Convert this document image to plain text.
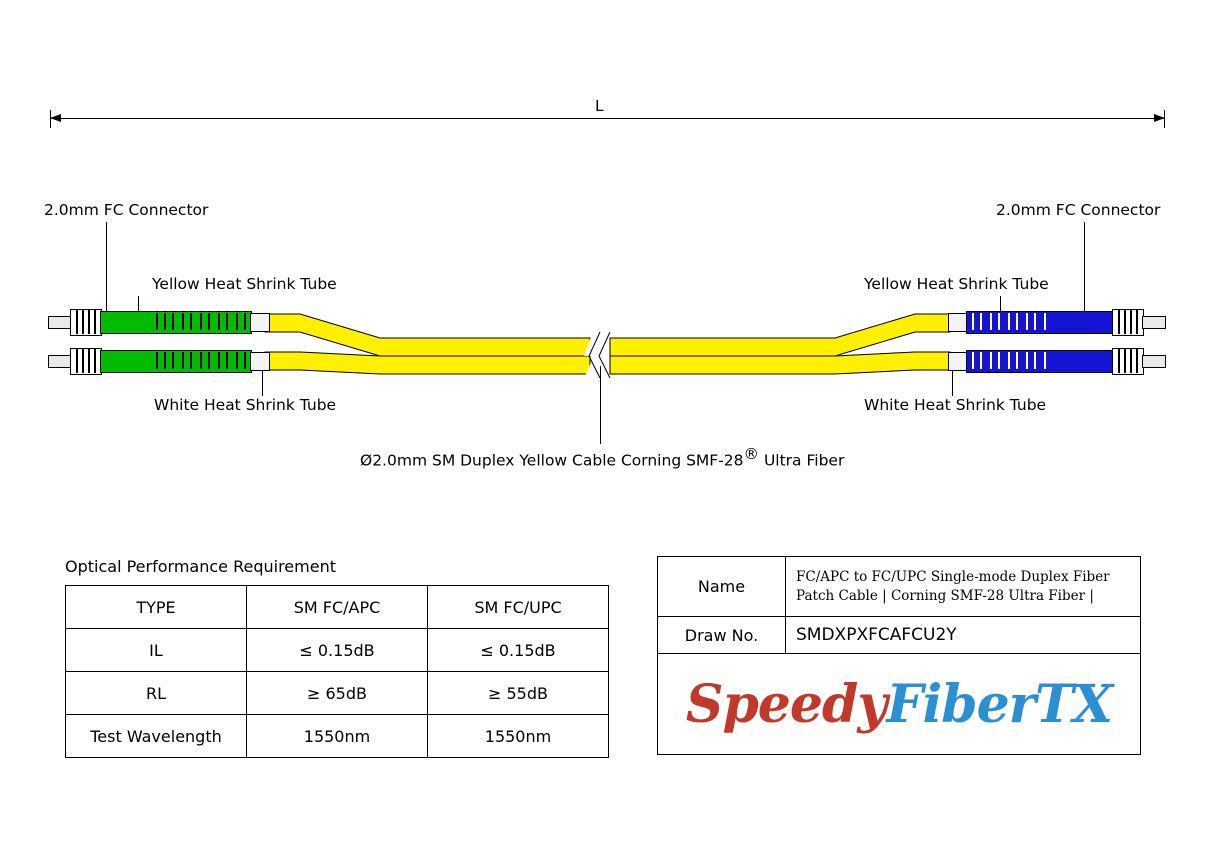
L
2.0mm FC Connector	2.0mm FC Connector
Yellow Heat Shrink Tube	Yellow Heat Shrink Tube
White Heat Shrink Tube	White Heat Shrink Tube
Ø2.0mm SM Duplex Yellow Cable Corning SMF-28® Ultra Fiber
Optical Performance Requirement
TYPE	SM FC/APC	SM FC/UPC
IL	≤ 0.15dB	≤ 0.15dB
RL	≥ 65dB	≥ 55dB
Test Wavelength	1550nm	1550nm
Name	FC/APC to FC/UPC Single-mode Duplex Fiber
Patch Cable | Corning SMF-28 Ultra Fiber |
Draw No.	SMDXPXFCAFCU2Y
SpeedyFiberTX
